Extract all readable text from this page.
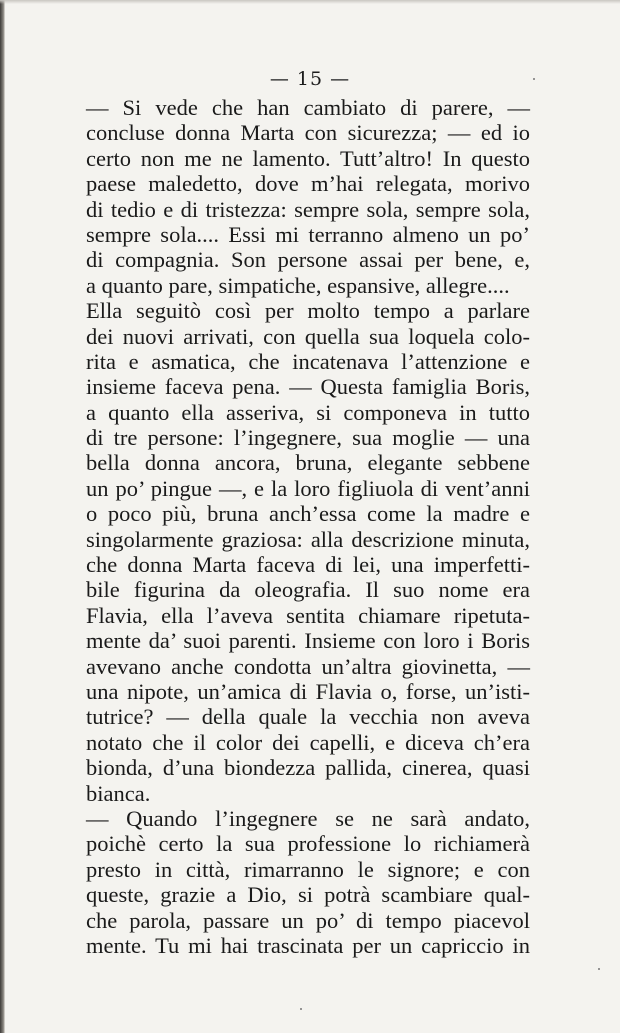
— 15 —
— Si vede che han cambiato di parere, —
concluse donna Marta con sicurezza; — ed io
certo non me ne lamento. Tutt’altro! In questo
paese maledetto, dove m’hai relegata, morivo
di tedio e di tristezza: sempre sola, sempre sola,
sempre sola.... Essi mi terranno almeno un po’
di compagnia. Son persone assai per bene, e,
a quanto pare, simpatiche, espansive, allegre....
Ella seguitò così per molto tempo a parlare
dei nuovi arrivati, con quella sua loquela colo-
rita e asmatica, che incatenava l’attenzione e
insieme faceva pena. — Questa famiglia Boris,
a quanto ella asseriva, si componeva in tutto
di tre persone: l’ingegnere, sua moglie — una
bella donna ancora, bruna, elegante sebbene
un po’ pingue —, e la loro figliuola di vent’anni
o poco più, bruna anch’essa come la madre e
singolarmente graziosa: alla descrizione minuta,
che donna Marta faceva di lei, una imperfetti-
bile figurina da oleografia. Il suo nome era
Flavia, ella l’aveva sentita chiamare ripetuta-
mente da’ suoi parenti. Insieme con loro i Boris
avevano anche condotta un’altra giovinetta, —
una nipote, un’amica di Flavia o, forse, un’isti-
tutrice? — della quale la vecchia non aveva
notato che il color dei capelli, e diceva ch’era
bionda, d’una biondezza pallida, cinerea, quasi
bianca.
— Quando l’ingegnere se ne sarà andato,
poichè certo la sua professione lo richiamerà
presto in città, rimarranno le signore; e con
queste, grazie a Dio, si potrà scambiare qual-
che parola, passare un po’ di tempo piacevol
mente. Tu mi hai trascinata per un capriccio in
